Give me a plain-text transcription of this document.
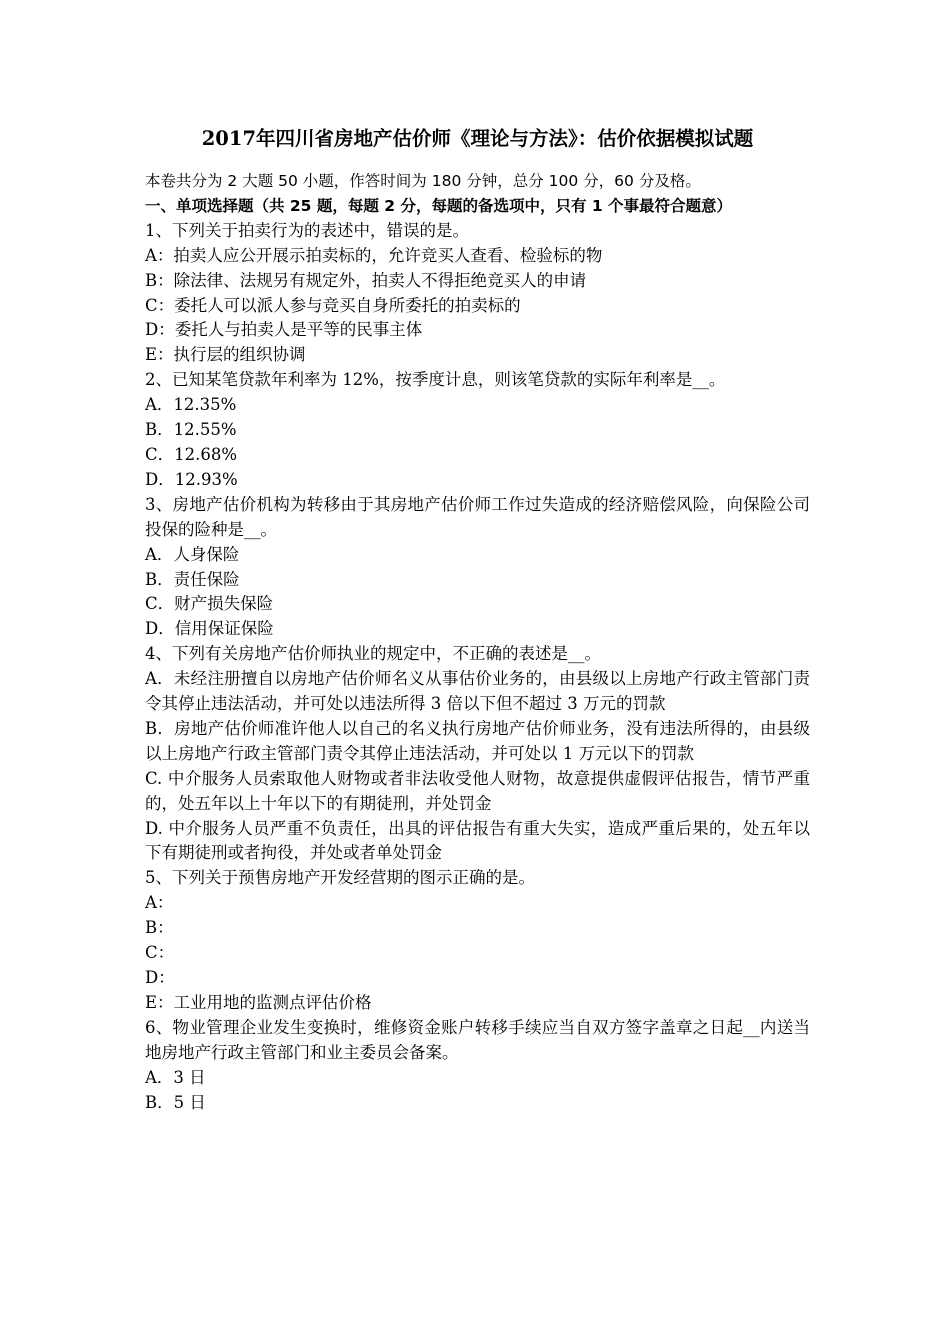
2017年四川省房地产估价师《理论与方法》：估价依据模拟试题
本卷共分为 2 大题 50 小题，作答时间为 180 分钟，总分 100 分，60 分及格。
一、单项选择题（共 25 题，每题 2 分，每题的备选项中，只有 1 个事最符合题意）
1、下列关于拍卖行为的表述中，错误的是。
A：拍卖人应公开展示拍卖标的，允许竞买人查看、检验标的物
B：除法律、法规另有规定外，拍卖人不得拒绝竞买人的申请
C：委托人可以派人参与竞买自身所委托的拍卖标的
D：委托人与拍卖人是平等的民事主体
E：执行层的组织协调
2、已知某笔贷款年利率为 12%，按季度计息，则该笔贷款的实际年利率是__。
A．12.35%
B．12.55%
C．12.68%
D．12.93%
3、房地产估价机构为转移由于其房地产估价师工作过失造成的经济赔偿风险，向保险公司投保的险种是__。
A．人身保险
B．责任保险
C．财产损失保险
D．信用保证保险
4、下列有关房地产估价师执业的规定中，不正确的表述是__。
A．未经注册擅自以房地产估价师名义从事估价业务的，由县级以上房地产行政主管部门责令其停止违法活动，并可处以违法所得 3 倍以下但不超过 3 万元的罚款
B．房地产估价师准许他人以自己的名义执行房地产估价师业务，没有违法所得的，由县级以上房地产行政主管部门责令其停止违法活动，并可处以 1 万元以下的罚款
C. 中介服务人员索取他人财物或者非法收受他人财物，故意提供虚假评估报告，情节严重的，处五年以上十年以下的有期徒刑，并处罚金
D. 中介服务人员严重不负责任，出具的评估报告有重大失实，造成严重后果的，处五年以下有期徒刑或者拘役，并处或者单处罚金
5、下列关于预售房地产开发经营期的图示正确的是。
A：
B：
C：
D：
E：工业用地的监测点评估价格
6、物业管理企业发生变换时，维修资金账户转移手续应当自双方签字盖章之日起__内送当地房地产行政主管部门和业主委员会备案。
A．3 日
B．5 日
